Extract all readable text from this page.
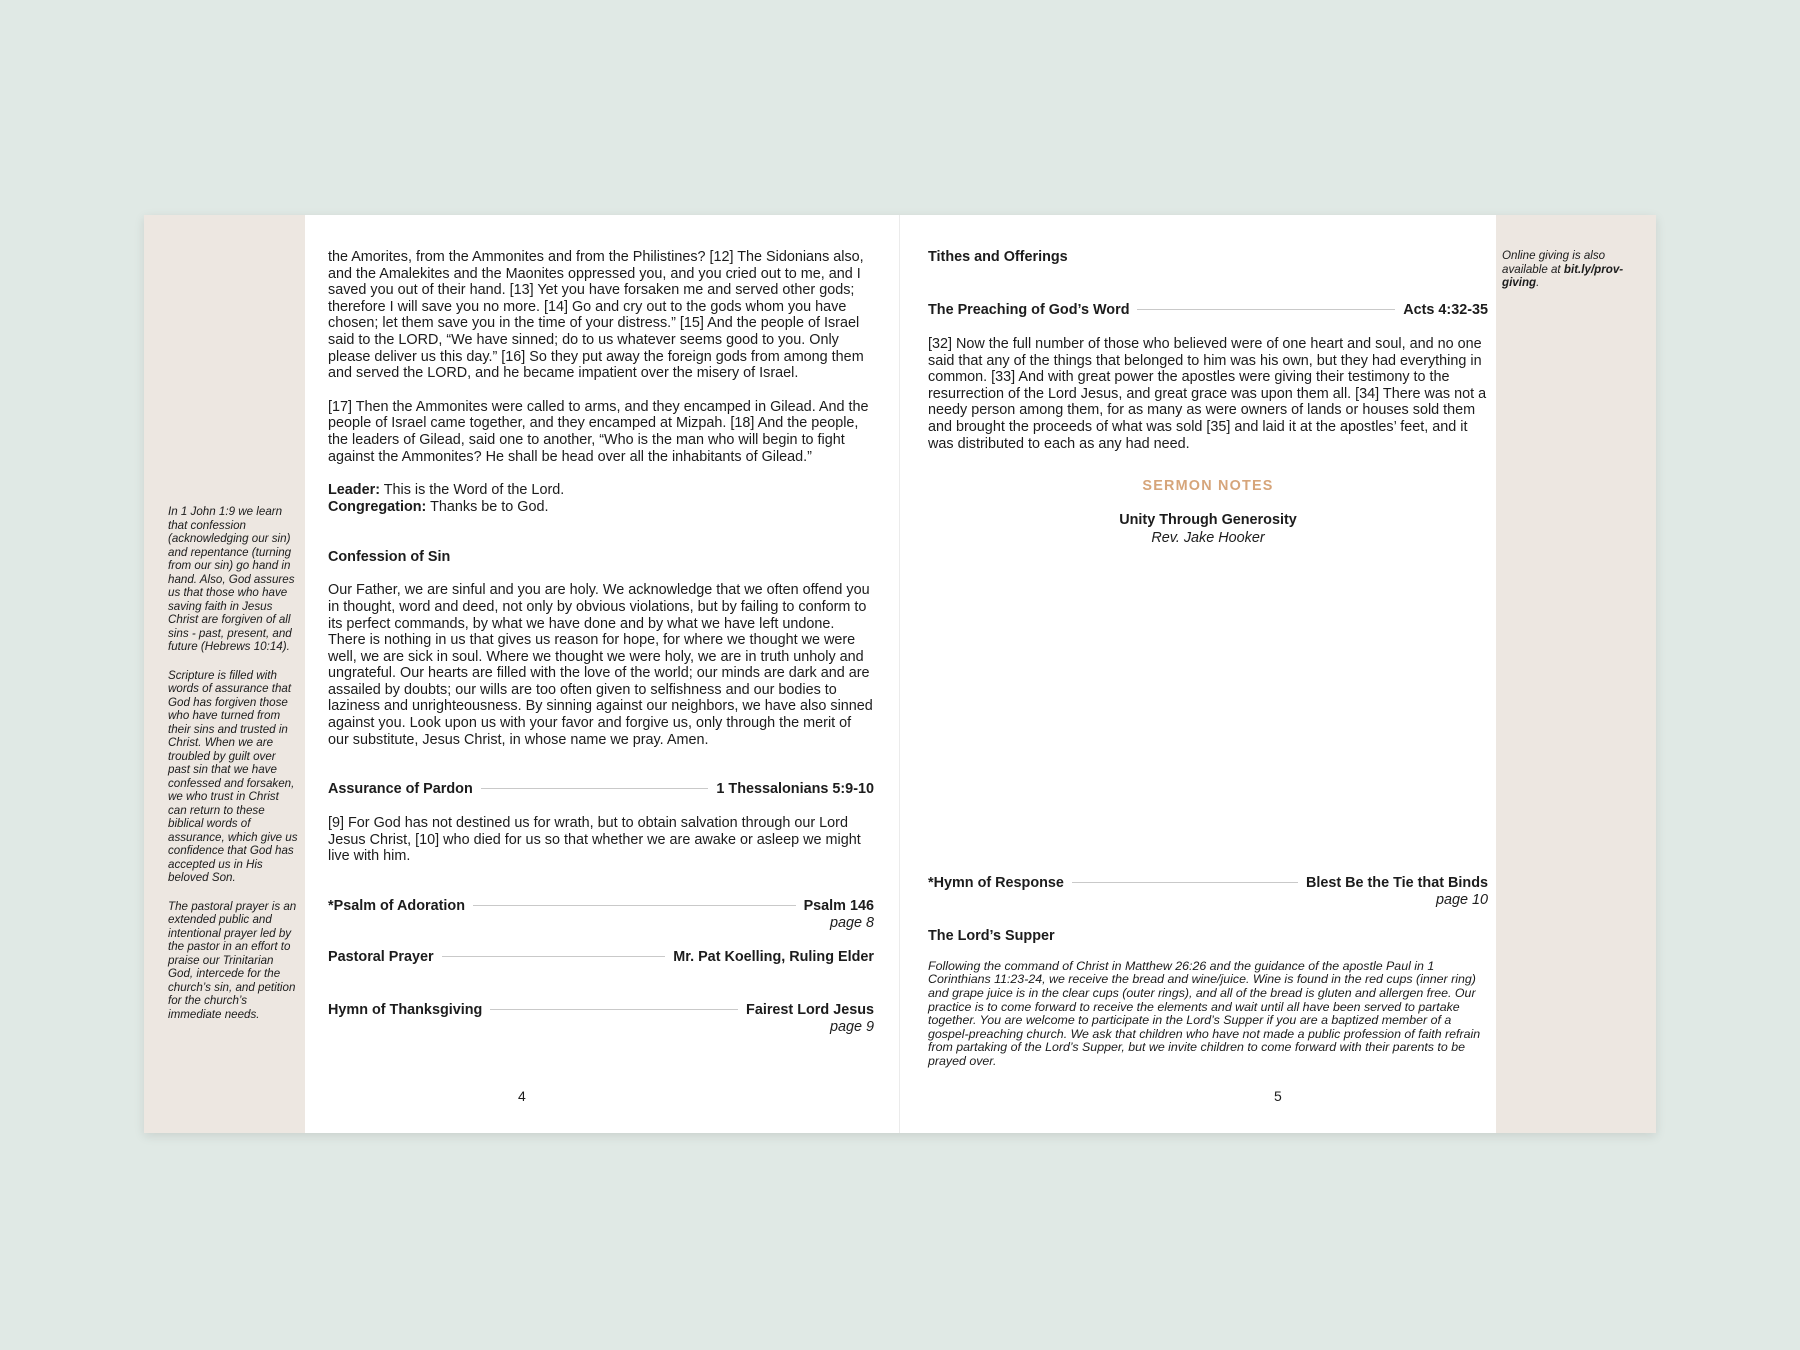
In 1 John 1:9 we learn that confession (acknowledging our sin) and repentance (turning from our sin) go hand in hand. Also, God assures us that those who have saving faith in Jesus Christ are forgiven of all sins - past, present, and future (Hebrews 10:14).

Scripture is filled with words of assurance that God has forgiven those who have turned from their sins and trusted in Christ. When we are troubled by guilt over past sin that we have confessed and forsaken, we who trust in Christ can return to these biblical words of assurance, which give us confidence that God has accepted us in His beloved Son.

The pastoral prayer is an extended public and intentional prayer led by the pastor in an effort to praise our Trinitarian God, intercede for the church’s sin, and petition for the church’s immediate needs.

Online giving is also available at bit.ly/prov-giving.

the Amorites, from the Ammonites and from the Philistines? [12] The Sidonians also, and the Amalekites and the Maonites oppressed you, and you cried out to me, and I saved you out of their hand. [13] Yet you have forsaken me and served other gods; therefore I will save you no more. [14] Go and cry out to the gods whom you have chosen; let them save you in the time of your distress.” [15] And the people of Israel said to the LORD, “We have sinned; do to us whatever seems good to you. Only please deliver us this day.” [16] So they put away the foreign gods from among them and served the LORD, and he became impatient over the misery of Israel.

[17] Then the Ammonites were called to arms, and they encamped in Gilead. And the people of Israel came together, and they encamped at Mizpah. [18] And the people, the leaders of Gilead, said one to another, “Who is the man who will begin to fight against the Ammonites? He shall be head over all the inhabitants of Gilead.”

Leader: This is the Word of the Lord.

Congregation: Thanks be to God.

Confession of Sin

Our Father, we are sinful and you are holy. We acknowledge that we often offend you in thought, word and deed, not only by obvious violations, but by failing to conform to its perfect commands, by what we have done and by what we have left undone. There is nothing in us that gives us reason for hope, for where we thought we were well, we are sick in soul. Where we thought we were holy, we are in truth unholy and ungrateful. Our hearts are filled with the love of the world; our minds are dark and are assailed by doubts; our wills are too often given to selfishness and our bodies to laziness and unrighteousness. By sinning against our neighbors, we have also sinned against you. Look upon us with your favor and forgive us, only through the merit of our substitute, Jesus Christ, in whose name we pray. Amen.

Assurance of Pardon	1 Thessalonians 5:9-10

[9] For God has not destined us for wrath, but to obtain salvation through our Lord Jesus Christ, [10] who died for us so that whether we are awake or asleep we might live with him.

*Psalm of Adoration	Psalm 146
page 8
Pastoral Prayer	Mr. Pat Koelling, Ruling Elder
Hymn of Thanksgiving	Fairest Lord Jesus
page 9
4

Tithes and Offerings

The Preaching of God’s Word	Acts 4:32-35

[32] Now the full number of those who believed were of one heart and soul, and no one said that any of the things that belonged to him was his own, but they had everything in common. [33] And with great power the apostles were giving their testimony to the resurrection of the Lord Jesus, and great grace was upon them all. [34] There was not a needy person among them, for as many as were owners of lands or houses sold them and brought the proceeds of what was sold [35] and laid it at the apostles’ feet, and it was distributed to each as any had need.

SERMON NOTES
Unity Through Generosity
Rev. Jake Hooker
*Hymn of Response	Blest Be the Tie that Binds
page 10

The Lord’s Supper

Following the command of Christ in Matthew 26:26 and the guidance of the apostle Paul in 1 Corinthians 11:23-24, we receive the bread and wine/juice. Wine is found in the red cups (inner ring) and grape juice is in the clear cups (outer rings), and all of the bread is gluten and allergen free. Our practice is to come forward to receive the elements and wait until all have been served to partake together. You are welcome to participate in the Lord’s Supper if you are a baptized member of a gospel-preaching church. We ask that children who have not made a public profession of faith refrain from partaking of the Lord’s Supper, but we invite children to come forward with their parents to be prayed over.

5
